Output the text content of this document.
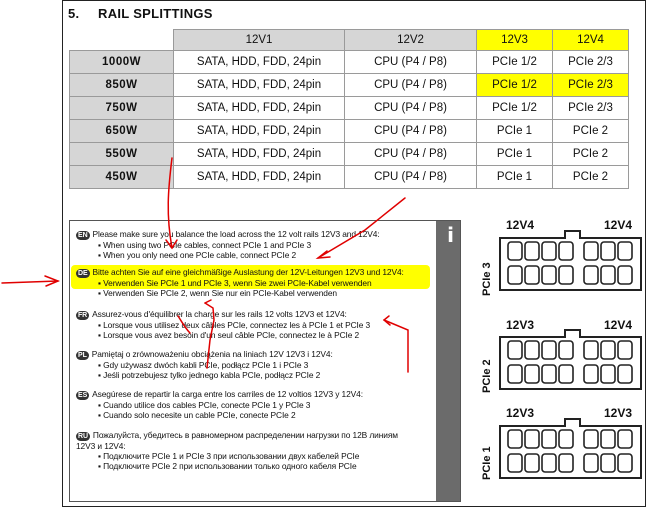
5. RAIL SPLITTINGS
	12V1	12V2	12V3	12V4
1000W	SATA, HDD, FDD, 24pin	CPU (P4 / P8)	PCIe 1/2	PCIe 2/3
850W	SATA, HDD, FDD, 24pin	CPU (P4 / P8)	PCIe 1/2	PCIe 2/3
750W	SATA, HDD, FDD, 24pin	CPU (P4 / P8)	PCIe 1/2	PCIe 2/3
650W	SATA, HDD, FDD, 24pin	CPU (P4 / P8)	PCIe 1	PCIe 2
550W	SATA, HDD, FDD, 24pin	CPU (P4 / P8)	PCIe 1	PCIe 2
450W	SATA, HDD, FDD, 24pin	CPU (P4 / P8)	PCIe 1	PCIe 2
i
EN Please make sure you balance the load across the 12 volt rails 12V3 and 12V4:
▪ When using two PCIe cables, connect PCIe 1 and PCIe 3
▪ When you only need one PCIe cable, connect PCIe 2
DE Bitte achten Sie auf eine gleichmäßige Auslastung der 12V-Leitungen 12V3 und 12V4:
▪ Verwenden Sie PCIe 1 und PCIe 3, wenn Sie zwei PCIe-Kabel verwenden
▪ Verwenden Sie PCIe 2, wenn Sie nur ein PCIe-Kabel verwenden
FR Assurez-vous d'équilibrer la charge sur les rails 12 volts 12V3 et 12V4:
▪ Lorsque vous utilisez deux câbles PCIe, connectez les à PCIe 1 et PCIe 3
▪ Lorsque vous avez besoin d'un seul câble PCIe, connectez le à PCIe 2
PL Pamiętaj o zrównoważeniu obciążenia na liniach 12V 12V3 i 12V4:
▪ Gdy używasz dwóch kabli PCIe, podłącz PCIe 1 i PCIe 3
▪ Jeśli potrzebujesz tylko jednego kabla PCIe, podłącz PCIe 2
ES Asegúrese de repartir la carga entre los carriles de 12 voltios 12V3 y 12V4:
▪ Cuando utilice dos cables PCIe, conecte PCIe 1 y PCIe 3
▪ Cuando solo necesite un cable PCIe, conecte PCIe 2
RU Пожалуйста, убедитесь в равномерном распределении нагрузки по 12В линиям 12V3 и 12V4:
▪ Подключите PCIe 1 и PCIe 3 при использовании двух кабелей PCIe
▪ Подключите PCIe 2 при использовании только одного кабеля PCIe
12V4	12V4
PCIe 3
12V3	12V4
PCIe 2
12V3	12V3
PCIe 1
